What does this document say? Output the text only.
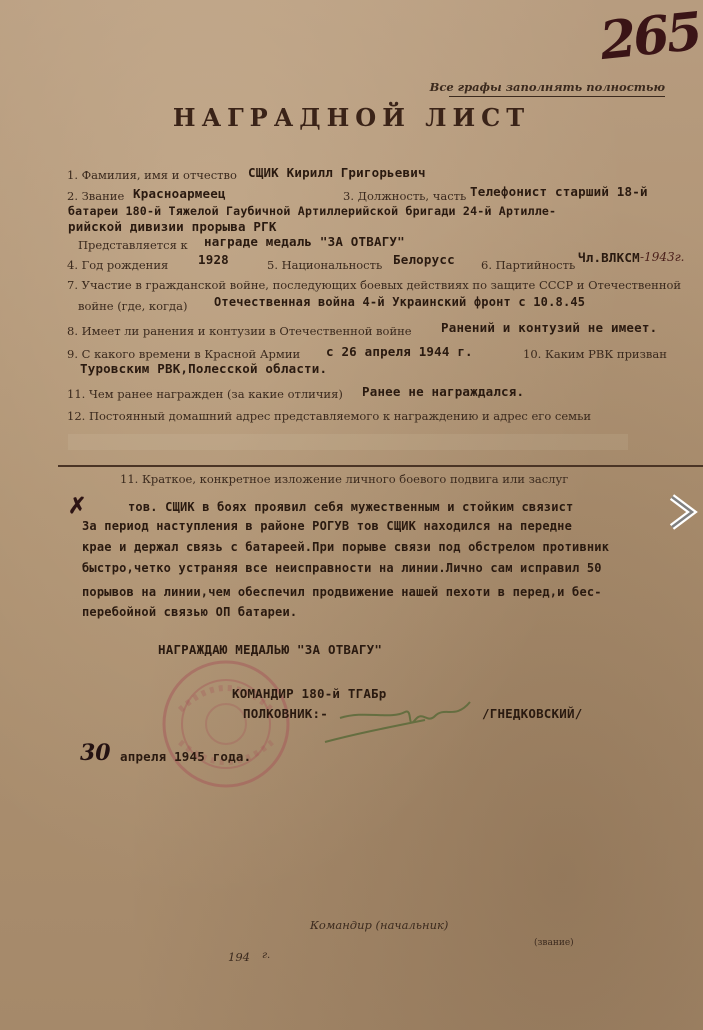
265
Все графы заполнять полностью
НАГРАДНОЙ ЛИСТ
1. Фамилия, имя и отчество СЩИК Кирилл Григорьевич
2. Звание Красноармеец	3. Должность, часть Телефонист старший 18-й
батареи 180-й Тяжелой Гаубичной Артиллерийской бригади 24-й Артилле-
рийской дивизии прорыва РГК
Представляется к награде медаль "ЗА ОТВАГУ"
4. Год рождения 1928	5. Национальность Белорусс 6. Партийность Чл.ВЛКСМ -1943г.
7. Участие в гражданской войне, последующих боевых действиях по защите СССР и Отечественной
войне (где, когда) Отечественная война 4-й Украинский фронт с 10.8.45
8. Имеет ли ранения и контузии в Отечественной войне Ранений и контузий не имеет.
9. С какого времени в Красной Армии с 26 апреля 1944 г.	10. Каким РВК призван
Туровским РВК,Полесской области.
11. Чем ранее награжден (за какие отличия) Ранее не награждался.
12. Постоянный домашний адрес представляемого к награждению и адрес его семьи
11. Краткое, конкретное изложение личного боевого подвига или заслуг
✗	тов. СЩИК в боях проявил себя мужественным и стойким связист
За период наступления в районе РОГУВ тов СЩИК находился на передне
крае и держал связь с батареей.При порыве связи под обстрелом противник
быстро,четко устраняя все неисправности на линии.Лично сам исправил 50
порывов на линии,чем обеспечил продвижение нашей пехоти в перед,и бес-
перебойной связью ОП батареи.
НАГРАЖДАЮ МЕДАЛЬЮ "ЗА ОТВАГУ"
КОМАНДИР 180-й ТГАБр
ПОЛКОВНИК:-	/ГНЕДКОВСКИЙ/
30 апреля 1945 года.
Командир (начальник)
(звание)
194 г.
